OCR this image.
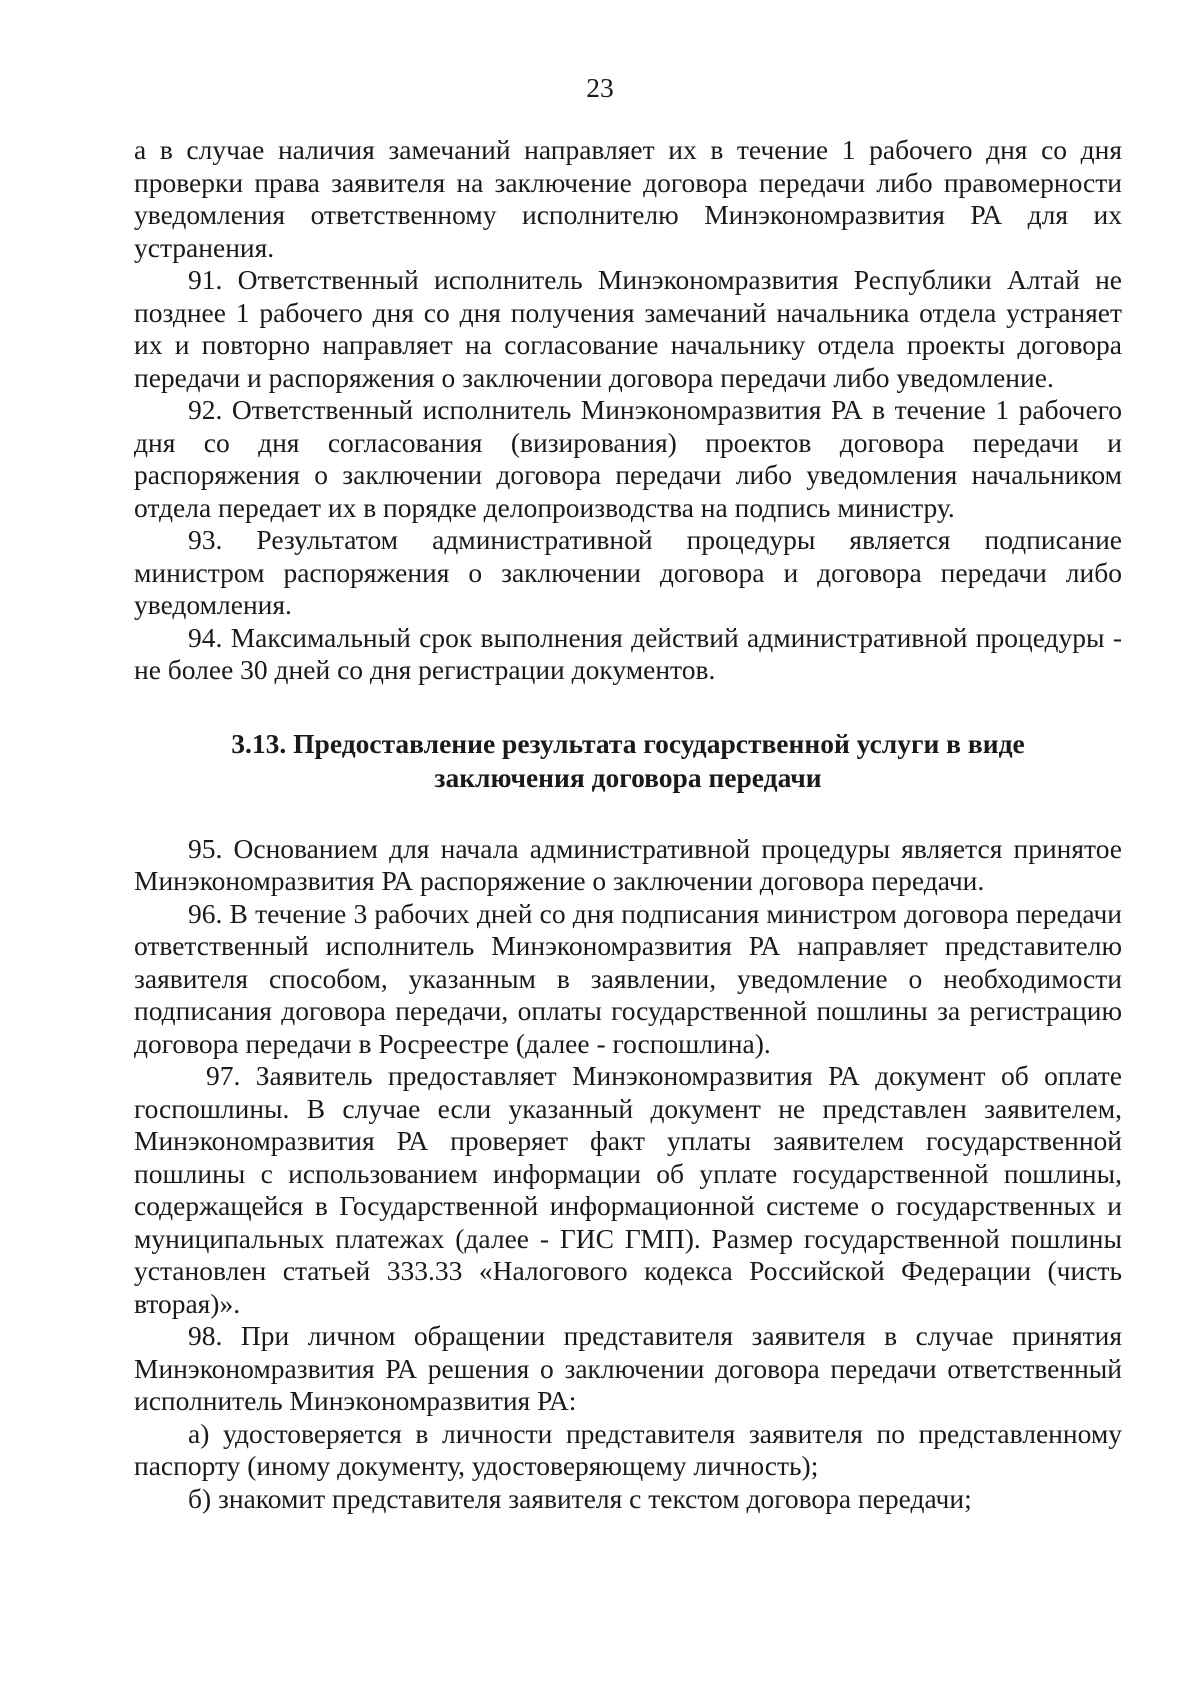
23

а в случае наличия замечаний направляет их в течение 1 рабочего дня со дня проверки права заявителя на заключение договора передачи либо правомерности уведомления ответственному исполнителю Минэкономразвития РА для их устранения.

91. Ответственный исполнитель Минэкономразвития Республики Алтай не позднее 1 рабочего дня со дня получения замечаний начальника отдела устраняет их и повторно направляет на согласование начальнику отдела проекты договора передачи и распоряжения о заключении договора передачи либо уведомление.

92. Ответственный исполнитель Минэкономразвития РА в течение 1 рабочего дня со дня согласования (визирования) проектов договора передачи и распоряжения о заключении договора передачи либо уведомления начальником отдела передает их в порядке делопроизводства на подпись министру.

93. Результатом административной процедуры является подписание министром распоряжения о заключении договора и договора передачи либо уведомления.

94. Максимальный срок выполнения действий административной процедуры - не более 30 дней со дня регистрации документов.

3.13. Предоставление результата государственной услуги в виде заключения договора передачи

95. Основанием для начала административной процедуры является принятое Минэкономразвития РА распоряжение о заключении договора передачи.

96. В течение 3 рабочих дней со дня подписания министром договора передачи ответственный исполнитель Минэкономразвития РА направляет представителю заявителя способом, указанным в заявлении, уведомление о необходимости подписания договора передачи, оплаты государственной пошлины за регистрацию договора передачи в Росреестре (далее - госпошлина).

97. Заявитель предоставляет Минэкономразвития РА документ об оплате госпошлины. В случае если указанный документ не представлен заявителем, Минэкономразвития РА проверяет факт уплаты заявителем государственной пошлины с использованием информации об уплате государственной пошлины, содержащейся в Государственной информационной системе о государственных и муниципальных платежах (далее - ГИС ГМП). Размер государственной пошлины установлен статьей 333.33 «Налогового кодекса Российской Федерации (чисть вторая)».

98. При личном обращении представителя заявителя в случае принятия Минэкономразвития РА решения о заключении договора передачи ответственный исполнитель Минэкономразвития РА:

а) удостоверяется в личности представителя заявителя по представленному паспорту (иному документу, удостоверяющему личность);

б) знакомит представителя заявителя с текстом договора передачи;
